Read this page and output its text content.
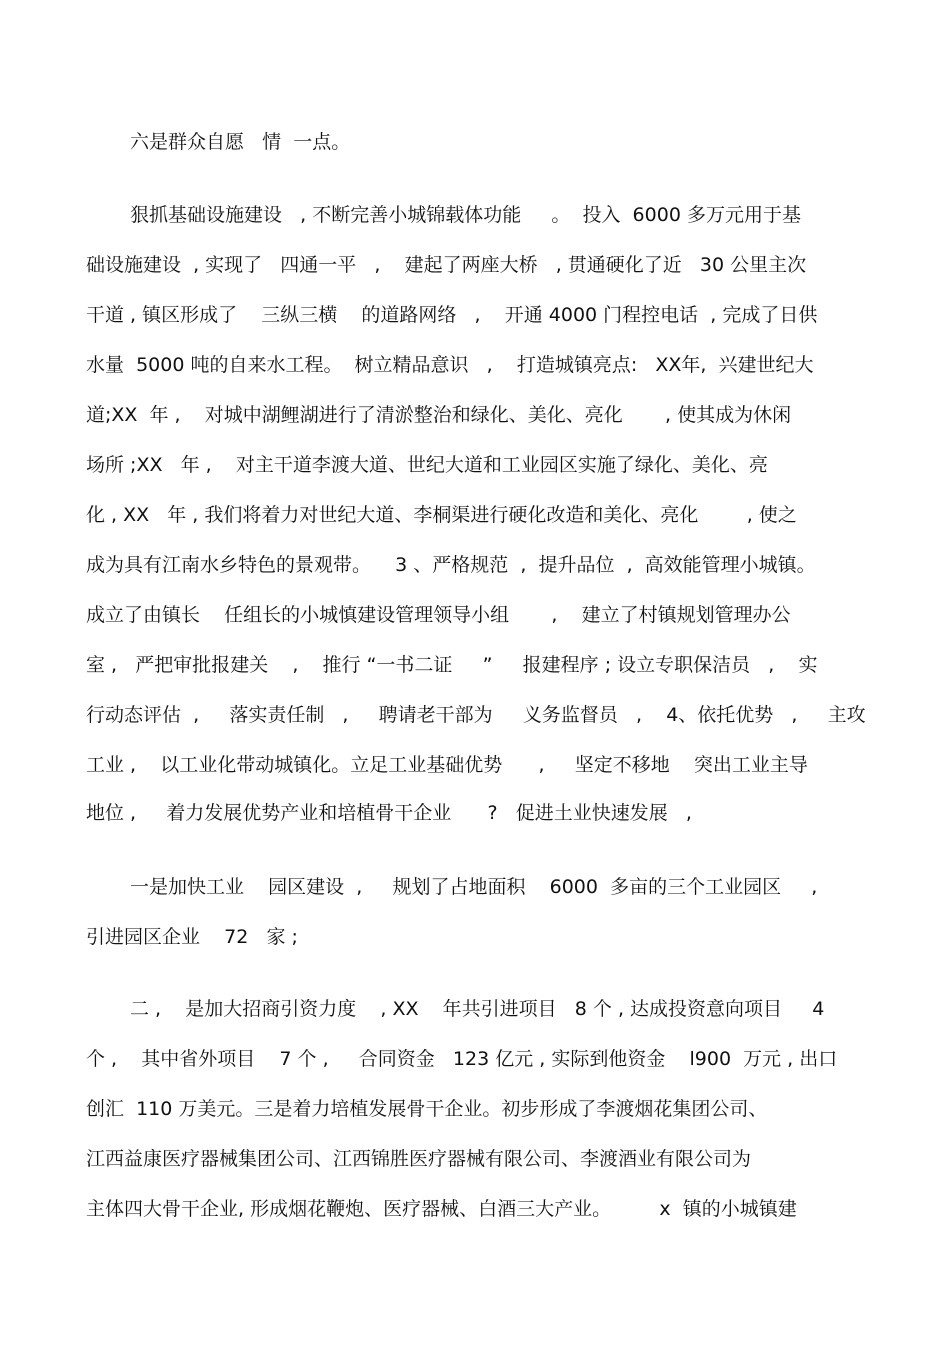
六是群众自愿   情  一点。
狠抓基础设施建设   , 不断完善小城锦载体功能     。  投入  6000 多万元用于基
础设施建设  , 实现了   四通一平   ,    建起了两座大桥   , 贯通硬化了近   30 公里主次
干道 , 镇区形成了    三纵三横    的道路网络   ,    开通 4000 门程控电话  , 完成了日供
水量  5000 吨的自来水工程。  树立精品意识   ,    打造城镇亮点:   XX年,  兴建世纪大
道;XX  年 ,    对城中湖鲤湖进行了清淤整治和绿化、美化、亮化       , 使其成为休闲
场所 ;XX   年 ,    对主干道李渡大道、世纪大道和工业园区实施了绿化、美化、亮
化 , XX   年 , 我们将着力对世纪大道、李桐渠进行硬化改造和美化、亮化        , 使之
成为具有江南水乡特色的景观带。    3 、严格规范  ,  提升品位  ,  高效能管理小城镇。
成立了由镇长    任组长的小城慎建设管理领导小组       ,    建立了村镇规划管理办公
室 ,   严把审批报建关    ,    推行 “一书二证     ”     报建程序 ; 设立专职保洁员   ,    实
行动态评估  ,     落实责任制   ,     聘请老干部为     义务监督员   ,    4、依托优势   ,     主攻
工业 ,    以工业化带动城镇化。立足工业基础优势      ,     坚定不移地    突出工业主导
地位 ,     着力发展优势产业和培植骨干企业      ?   促进土业快速发展   ,
一是加快工业    园区建设  ,     规划了占地面积    6000  多亩的三个工业园区     ,
引进园区企业    72   家 ;
二 ,    是加大招商引资力度    , XX    年共引进项目   8 个 , 达成投资意向项目     4
个 ,    其中省外项目    7 个 ,     合同资金   123 亿元 , 实际到他资金    l900  万元 , 出口
创汇  110 万美元。三是着力培植发展骨干企业。初步形成了李渡烟花集团公司、
江西益康医疗器械集团公司、江西锦胜医疗器械有限公司、李渡酒业有限公司为
主体四大骨干企业, 形成烟花鞭炮、医疗器械、白酒三大产业。        x  镇的小城镇建
